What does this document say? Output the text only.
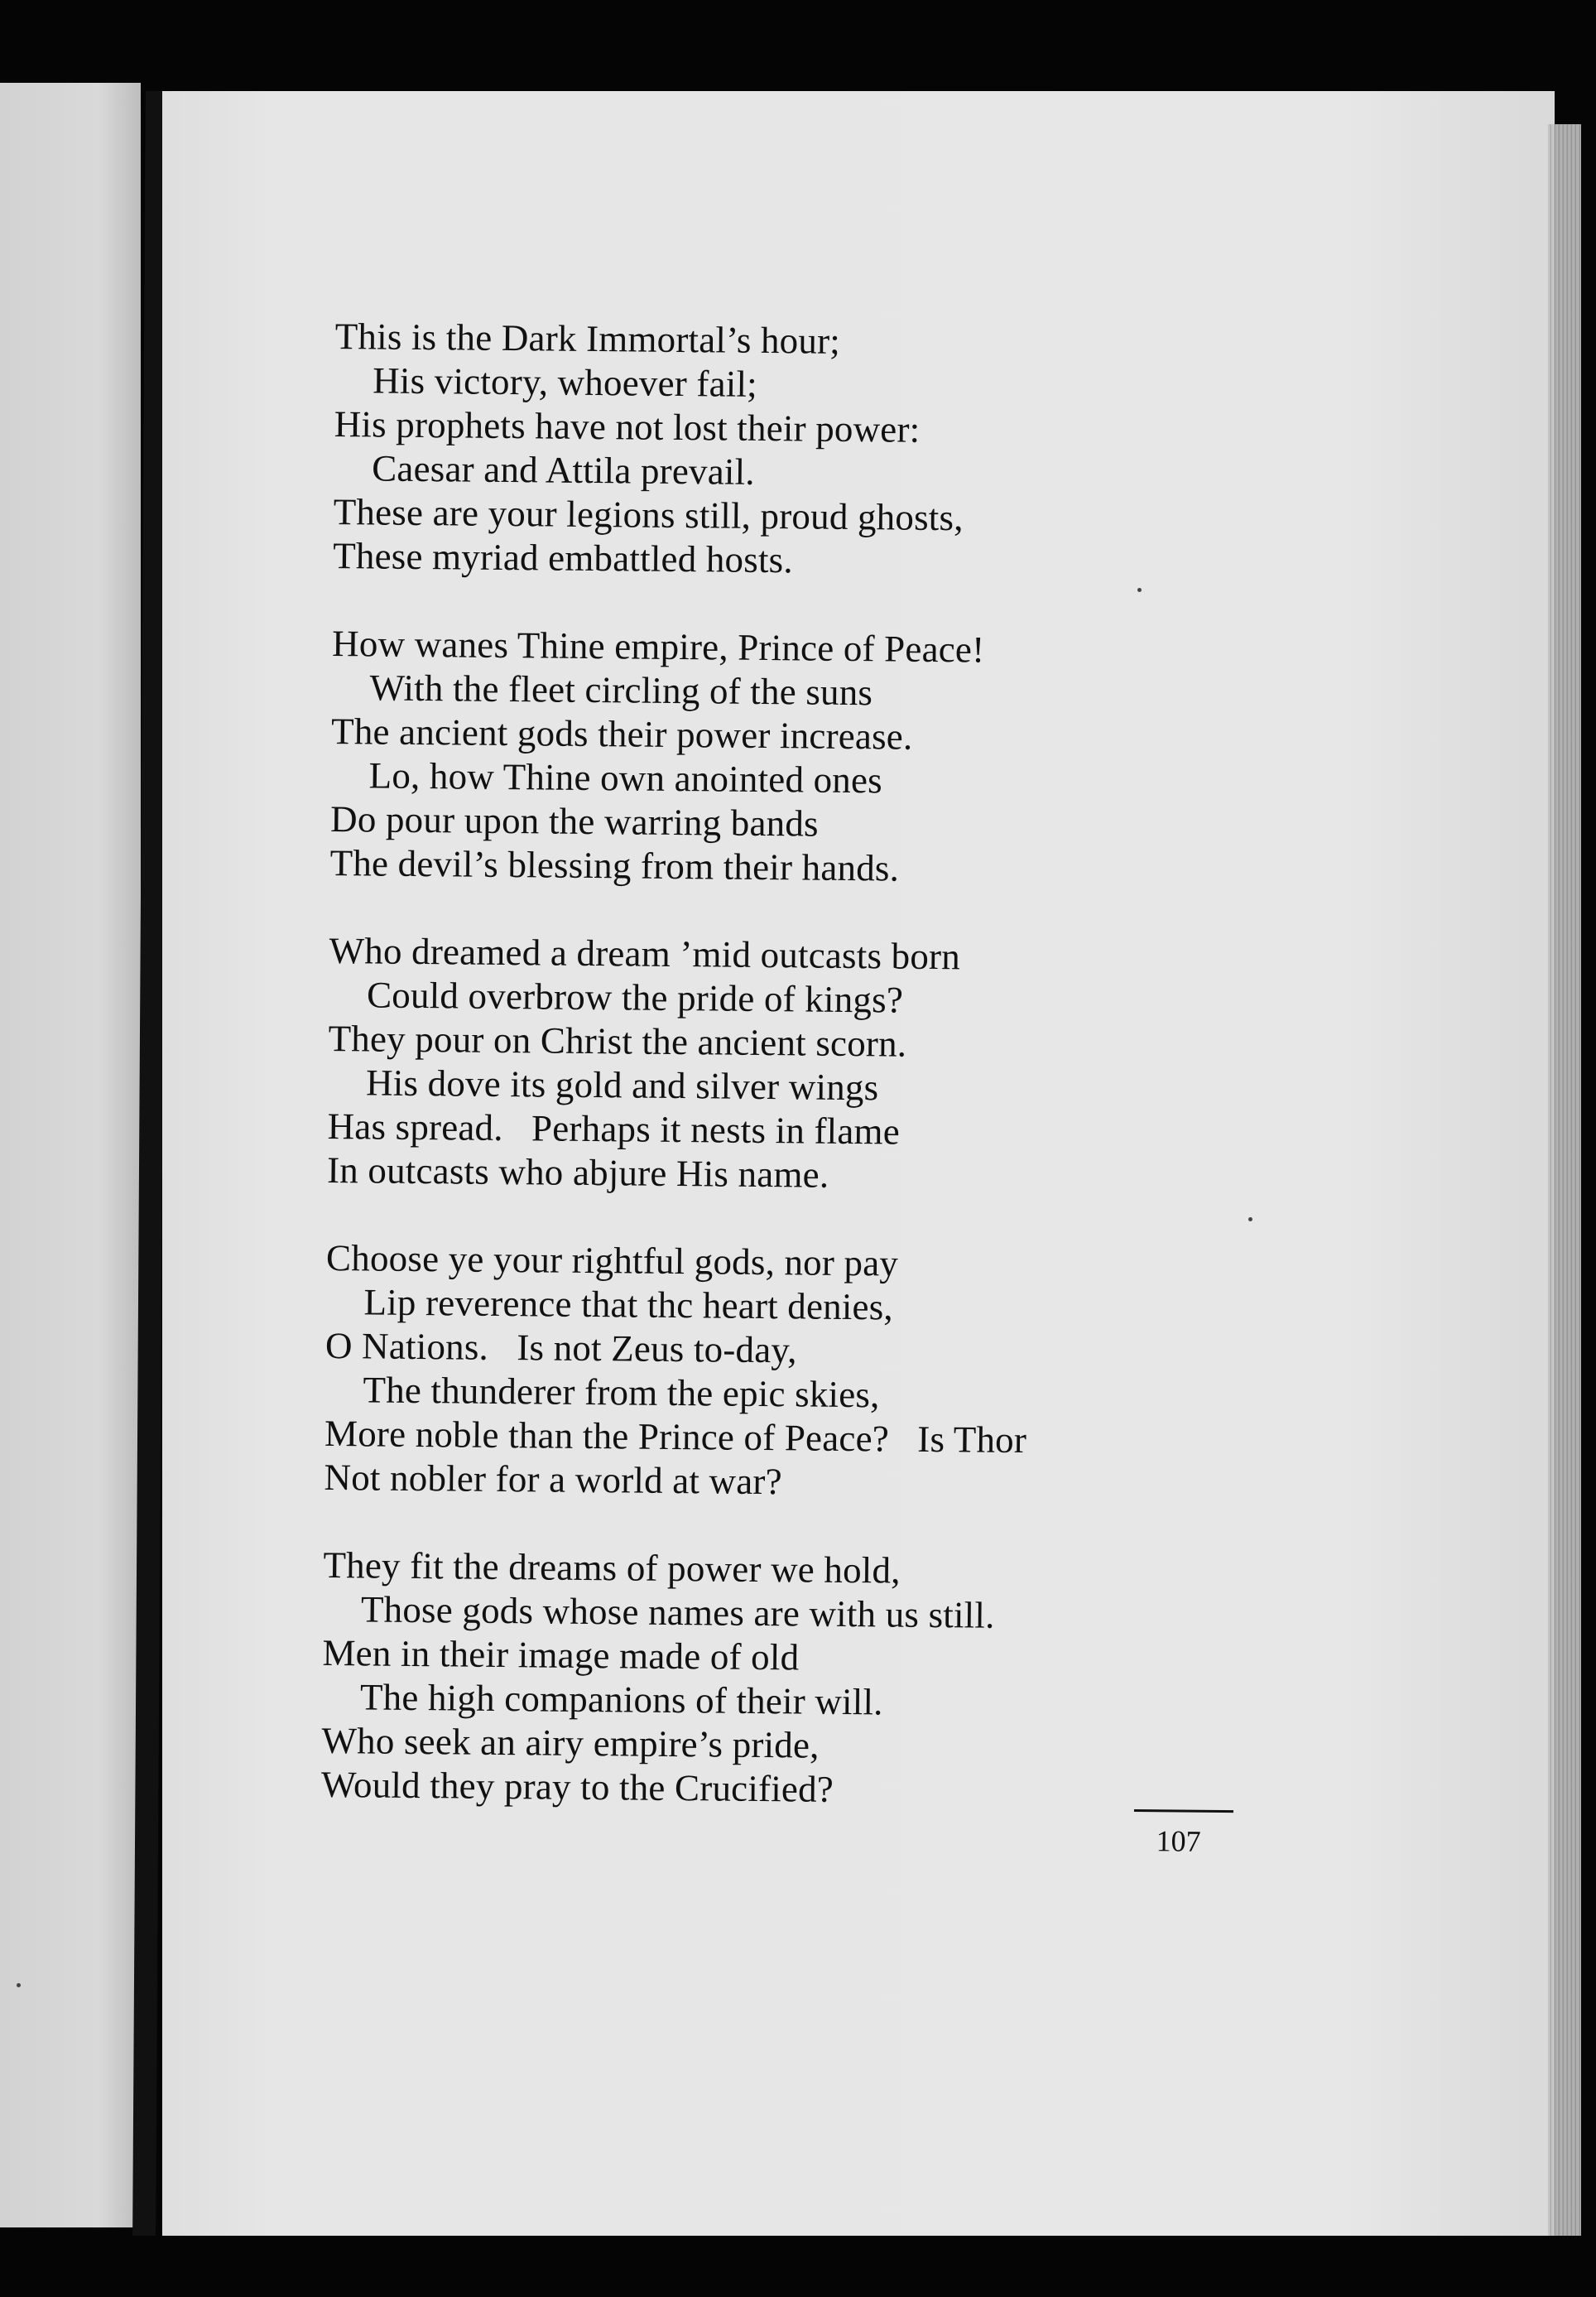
This is the Dark Immortal’s hour;
His victory, whoever fail;
His prophets have not lost their power:
Caesar and Attila prevail.
These are your legions still, proud ghosts,
These myriad embattled hosts.
How wanes Thine empire, Prince of Peace!
With the fleet circling of the suns
The ancient gods their power increase.
Lo, how Thine own anointed ones
Do pour upon the warring bands
The devil’s blessing from their hands.
Who dreamed a dream ’mid outcasts born
Could overbrow the pride of kings?
They pour on Christ the ancient scorn.
His dove its gold and silver wings
Has spread.   Perhaps it nests in flame
In outcasts who abjure His name.
Choose ye your rightful gods, nor pay
Lip reverence that thc heart denies,
O Nations.   Is not Zeus to-day,
The thunderer from the epic skies,
More noble than the Prince of Peace?   Is Thor
Not nobler for a world at war?
They fit the dreams of power we hold,
Those gods whose names are with us still.
Men in their image made of old
The high companions of their will.
Who seek an airy empire’s pride,
Would they pray to the Crucified?
107
